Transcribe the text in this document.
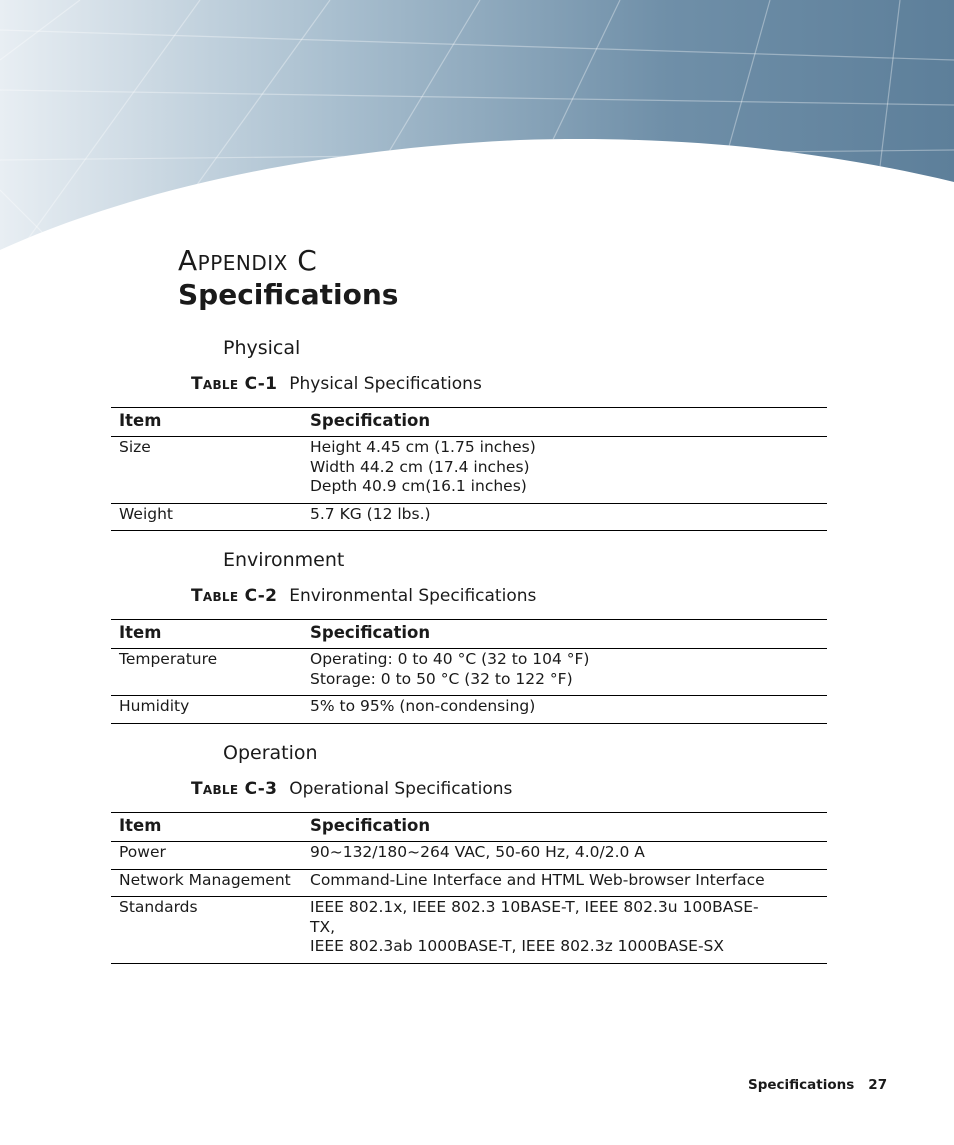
Appendix C
Specifications
Physical
Table C-1 Physical Specifications
Item	Specification
Size	Height 4.45 cm (1.75 inches)
Width 44.2 cm (17.4 inches)
Depth 40.9 cm(16.1 inches)

Weight	5.7 KG (12 lbs.)
Environment
Table C-2 Environmental Specifications
Item	Specification
Temperature	Operating: 0 to 40 °C (32 to 104 °F)
Storage: 0 to 50 °C (32 to 122 °F)

Humidity	5% to 95% (non-condensing)
Operation
Table C-3 Operational Specifications
Item	Specification
Power	90~132/180~264 VAC, 50-60 Hz, 4.0/2.0 A

Network Management	Command-Line Interface and HTML Web-browser Interface

Standards	IEEE 802.1x, IEEE 802.3 10BASE-T, IEEE 802.3u 100BASE-TX,
IEEE 802.3ab 1000BASE-T, IEEE 802.3z 1000BASE-SX
Specifications 27
